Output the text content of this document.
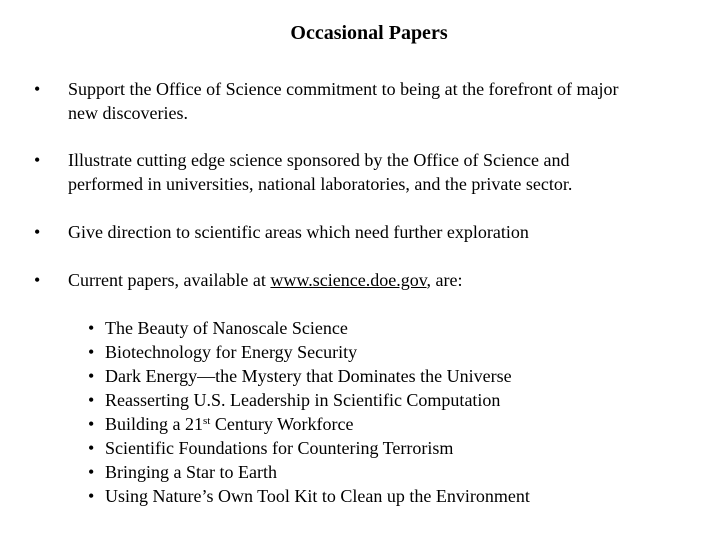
Occasional Papers
•	Support the Office of Science commitment to being at the forefront of major
new discoveries.
•	Illustrate cutting edge science sponsored by the Office of Science and
performed in universities, national laboratories, and the private sector.
•	Give direction to scientific areas which need further exploration
•	Current papers, available at www.science.doe.gov, are:
• The Beauty of Nanoscale Science
• Biotechnology for Energy Security
• Dark Energy—the Mystery that Dominates the Universe
• Reasserting U.S. Leadership in Scientific Computation
• Building a 21st Century Workforce
• Scientific Foundations for Countering Terrorism
• Bringing a Star to Earth
• Using Nature’s Own Tool Kit to Clean up the Environment
